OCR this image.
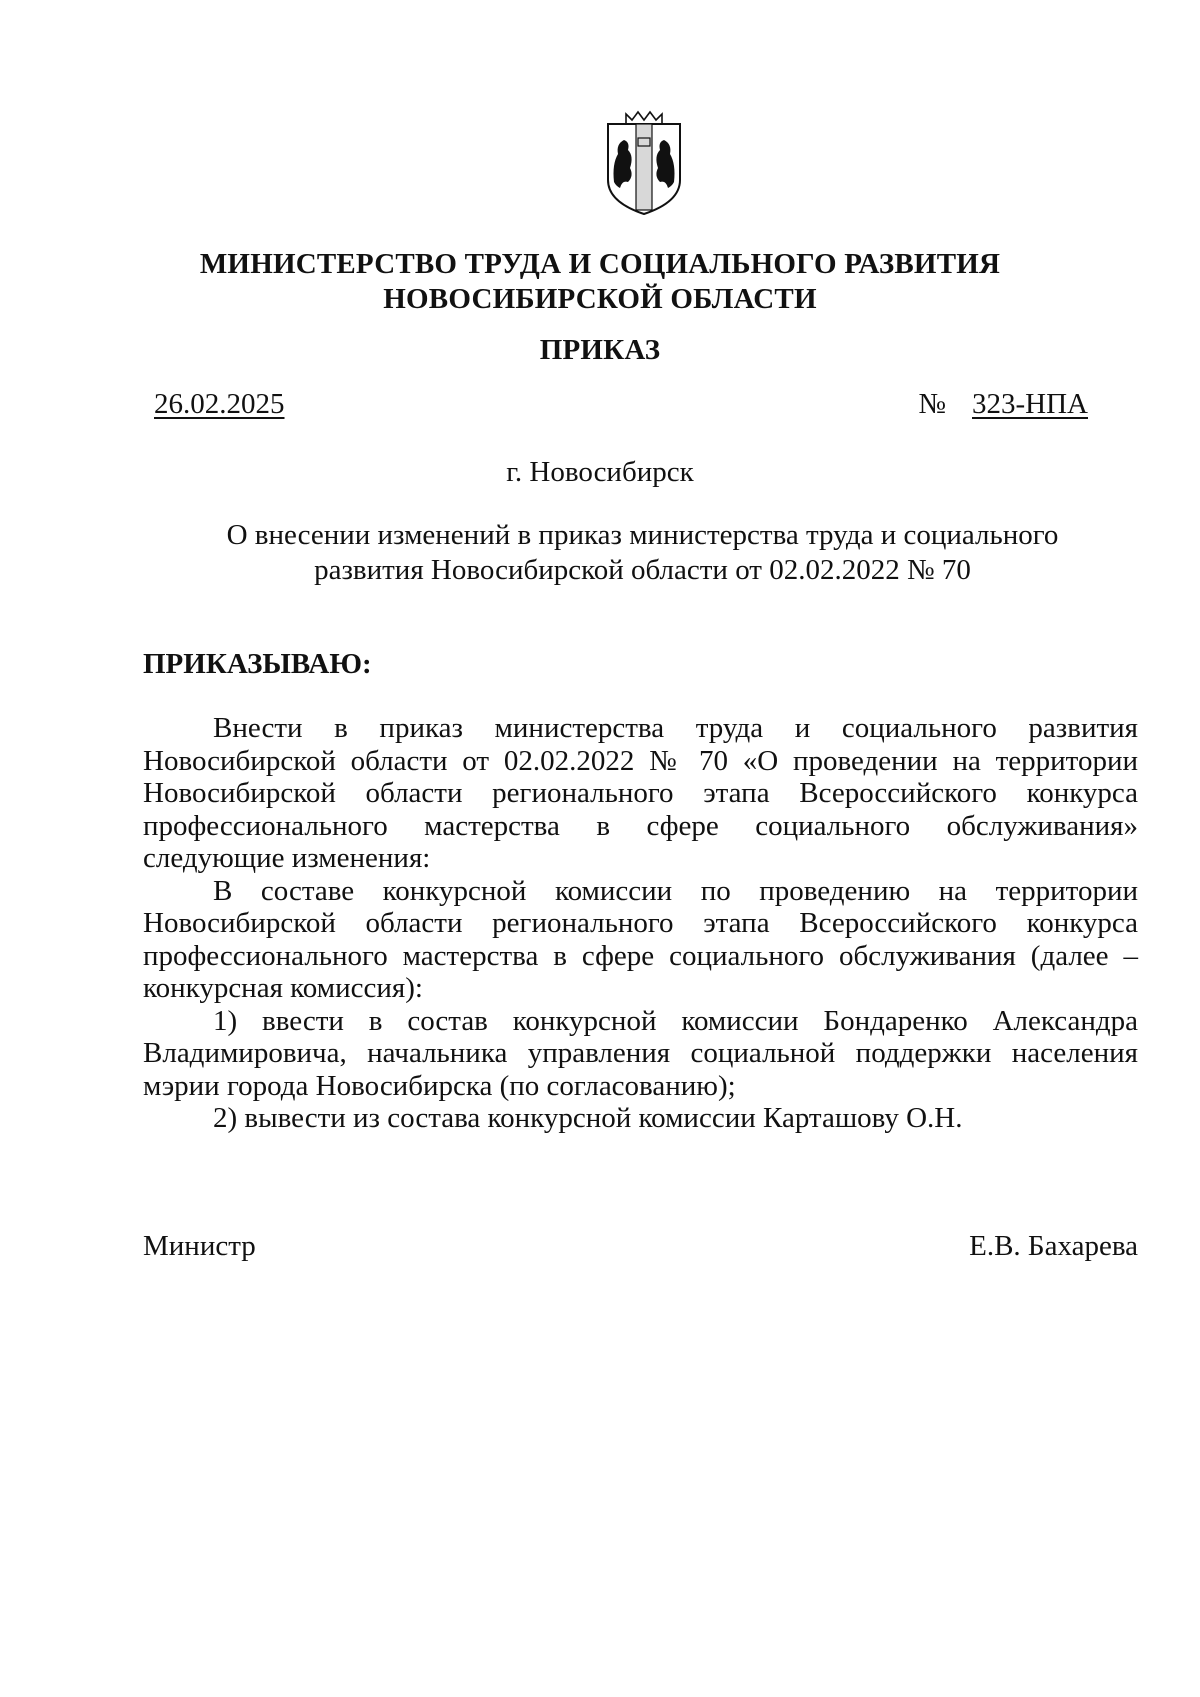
МИНИСТЕРСТВО ТРУДА И СОЦИАЛЬНОГО РАЗВИТИЯ
НОВОСИБИРСКОЙ ОБЛАСТИ
ПРИКАЗ
26.02.2025	№ 323-НПА
г. Новосибирск
О внесении изменений в приказ министерства труда и социального
развития Новосибирской области от 02.02.2022 № 70
ПРИКАЗЫВАЮ:

Внести в приказ министерства труда и социального развития Новосибирской области от 02.02.2022 № 70 «О проведении на территории Новосибирской области регионального этапа Всероссийского конкурса профессионального мастерства в сфере социального обслуживания» следующие изменения:

В составе конкурсной комиссии по проведению на территории Новосибирской области регионального этапа Всероссийского конкурса профессионального мастерства в сфере социального обслуживания (далее – конкурсная комиссия):

1) ввести в состав конкурсной комиссии Бондаренко Александра Владимировича, начальника управления социальной поддержки населения мэрии города Новосибирска (по согласованию);

2) вывести из состава конкурсной комиссии Карташову О.Н.

Министр	Е.В. Бахарева
